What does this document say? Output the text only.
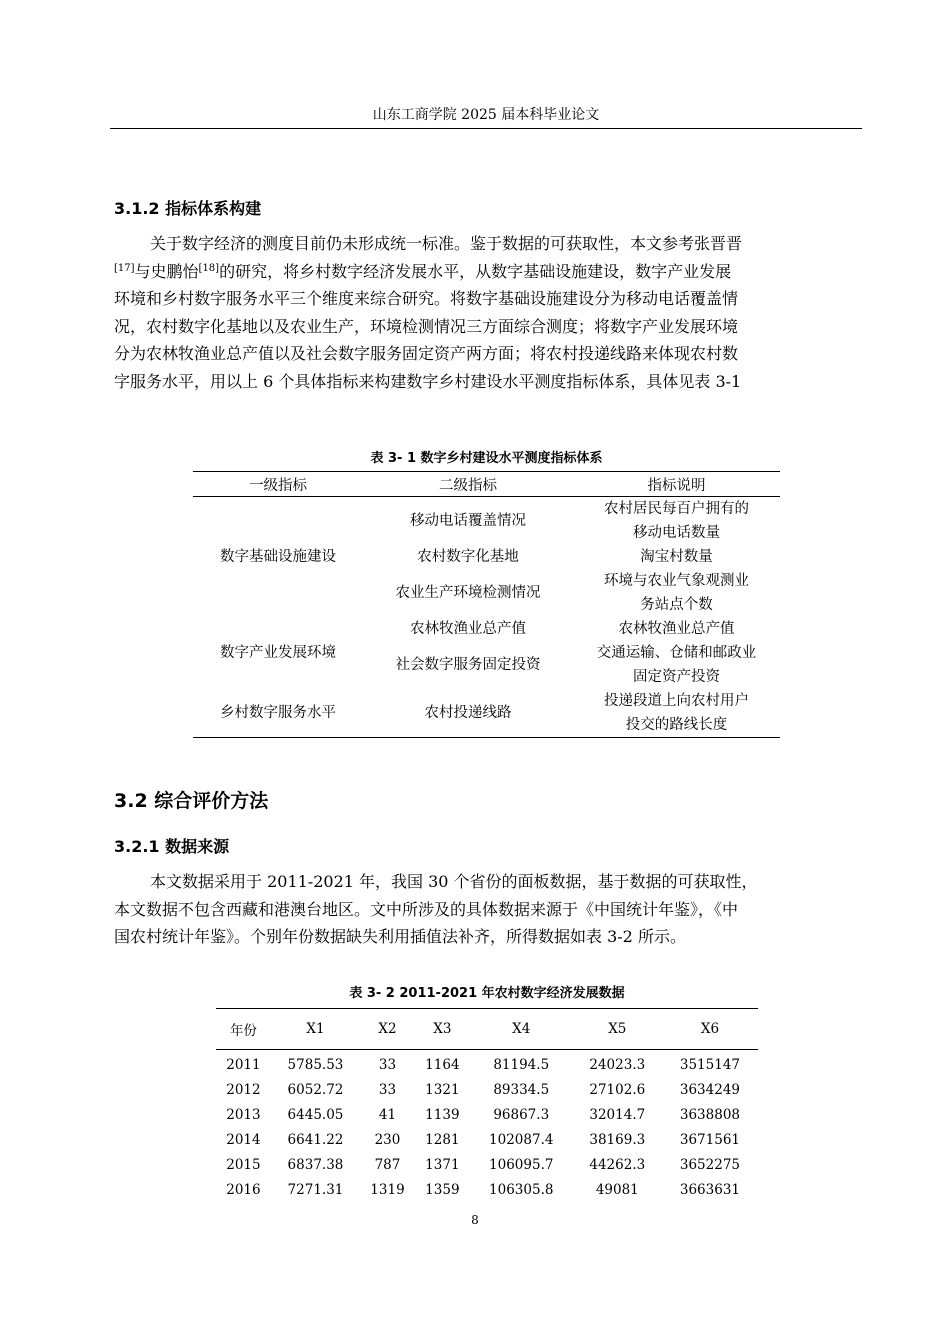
山东工商学院 2025 届本科毕业论文
3.1.2 指标体系构建
关于数字经济的测度目前仍未形成统一标准。鉴于数据的可获取性，本文参考张晋晋
[17]与史鹏怡[18]的研究，将乡村数字经济发展水平，从数字基础设施建设，数字产业发展
环境和乡村数字服务水平三个维度来综合研究。将数字基础设施建设分为移动电话覆盖情
况，农村数字化基地以及农业生产，环境检测情况三方面综合测度；将数字产业发展环境
分为农林牧渔业总产值以及社会数字服务固定资产两方面；将农村投递线路来体现农村数
字服务水平，用以上 6 个具体指标来构建数字乡村建设水平测度指标体系，具体见表 3-1
表 3- 1 数字乡村建设水平测度指标体系
一级指标	二级指标	指标说明
数字基础设施建设	移动电话覆盖情况	农村居民每百户拥有的
移动电话数量
	农村数字化基地	淘宝村数量
	农业生产环境检测情况	环境与农业气象观测业
务站点个数

数字产业发展环境	农林牧渔业总产值	农林牧渔业总产值
	社会数字服务固定投资	交通运输、仓储和邮政业
固定资产投资

乡村数字服务水平	农村投递线路	投递段道上向农村用户
投交的路线长度
3.2 综合评价方法
3.2.1 数据来源
本文数据采用于 2011-2021 年，我国 30 个省份的面板数据，基于数据的可获取性，
本文数据不包含西藏和港澳台地区。文中所涉及的具体数据来源于《中国统计年鉴》，《中
国农村统计年鉴》。个别年份数据缺失利用插值法补齐，所得数据如表 3-2 所示。
表 3- 2 2011-2021 年农村数字经济发展数据
年份	X1	X2	X3	X4	X5	X6
2011	5785.53	33	1164	81194.5	24023.3	3515147
2012	6052.72	33	1321	89334.5	27102.6	3634249
2013	6445.05	41	1139	96867.3	32014.7	3638808
2014	6641.22	230	1281	102087.4	38169.3	3671561
2015	6837.38	787	1371	106095.7	44262.3	3652275
2016	7271.31	1319	1359	106305.8	49081	3663631
8
